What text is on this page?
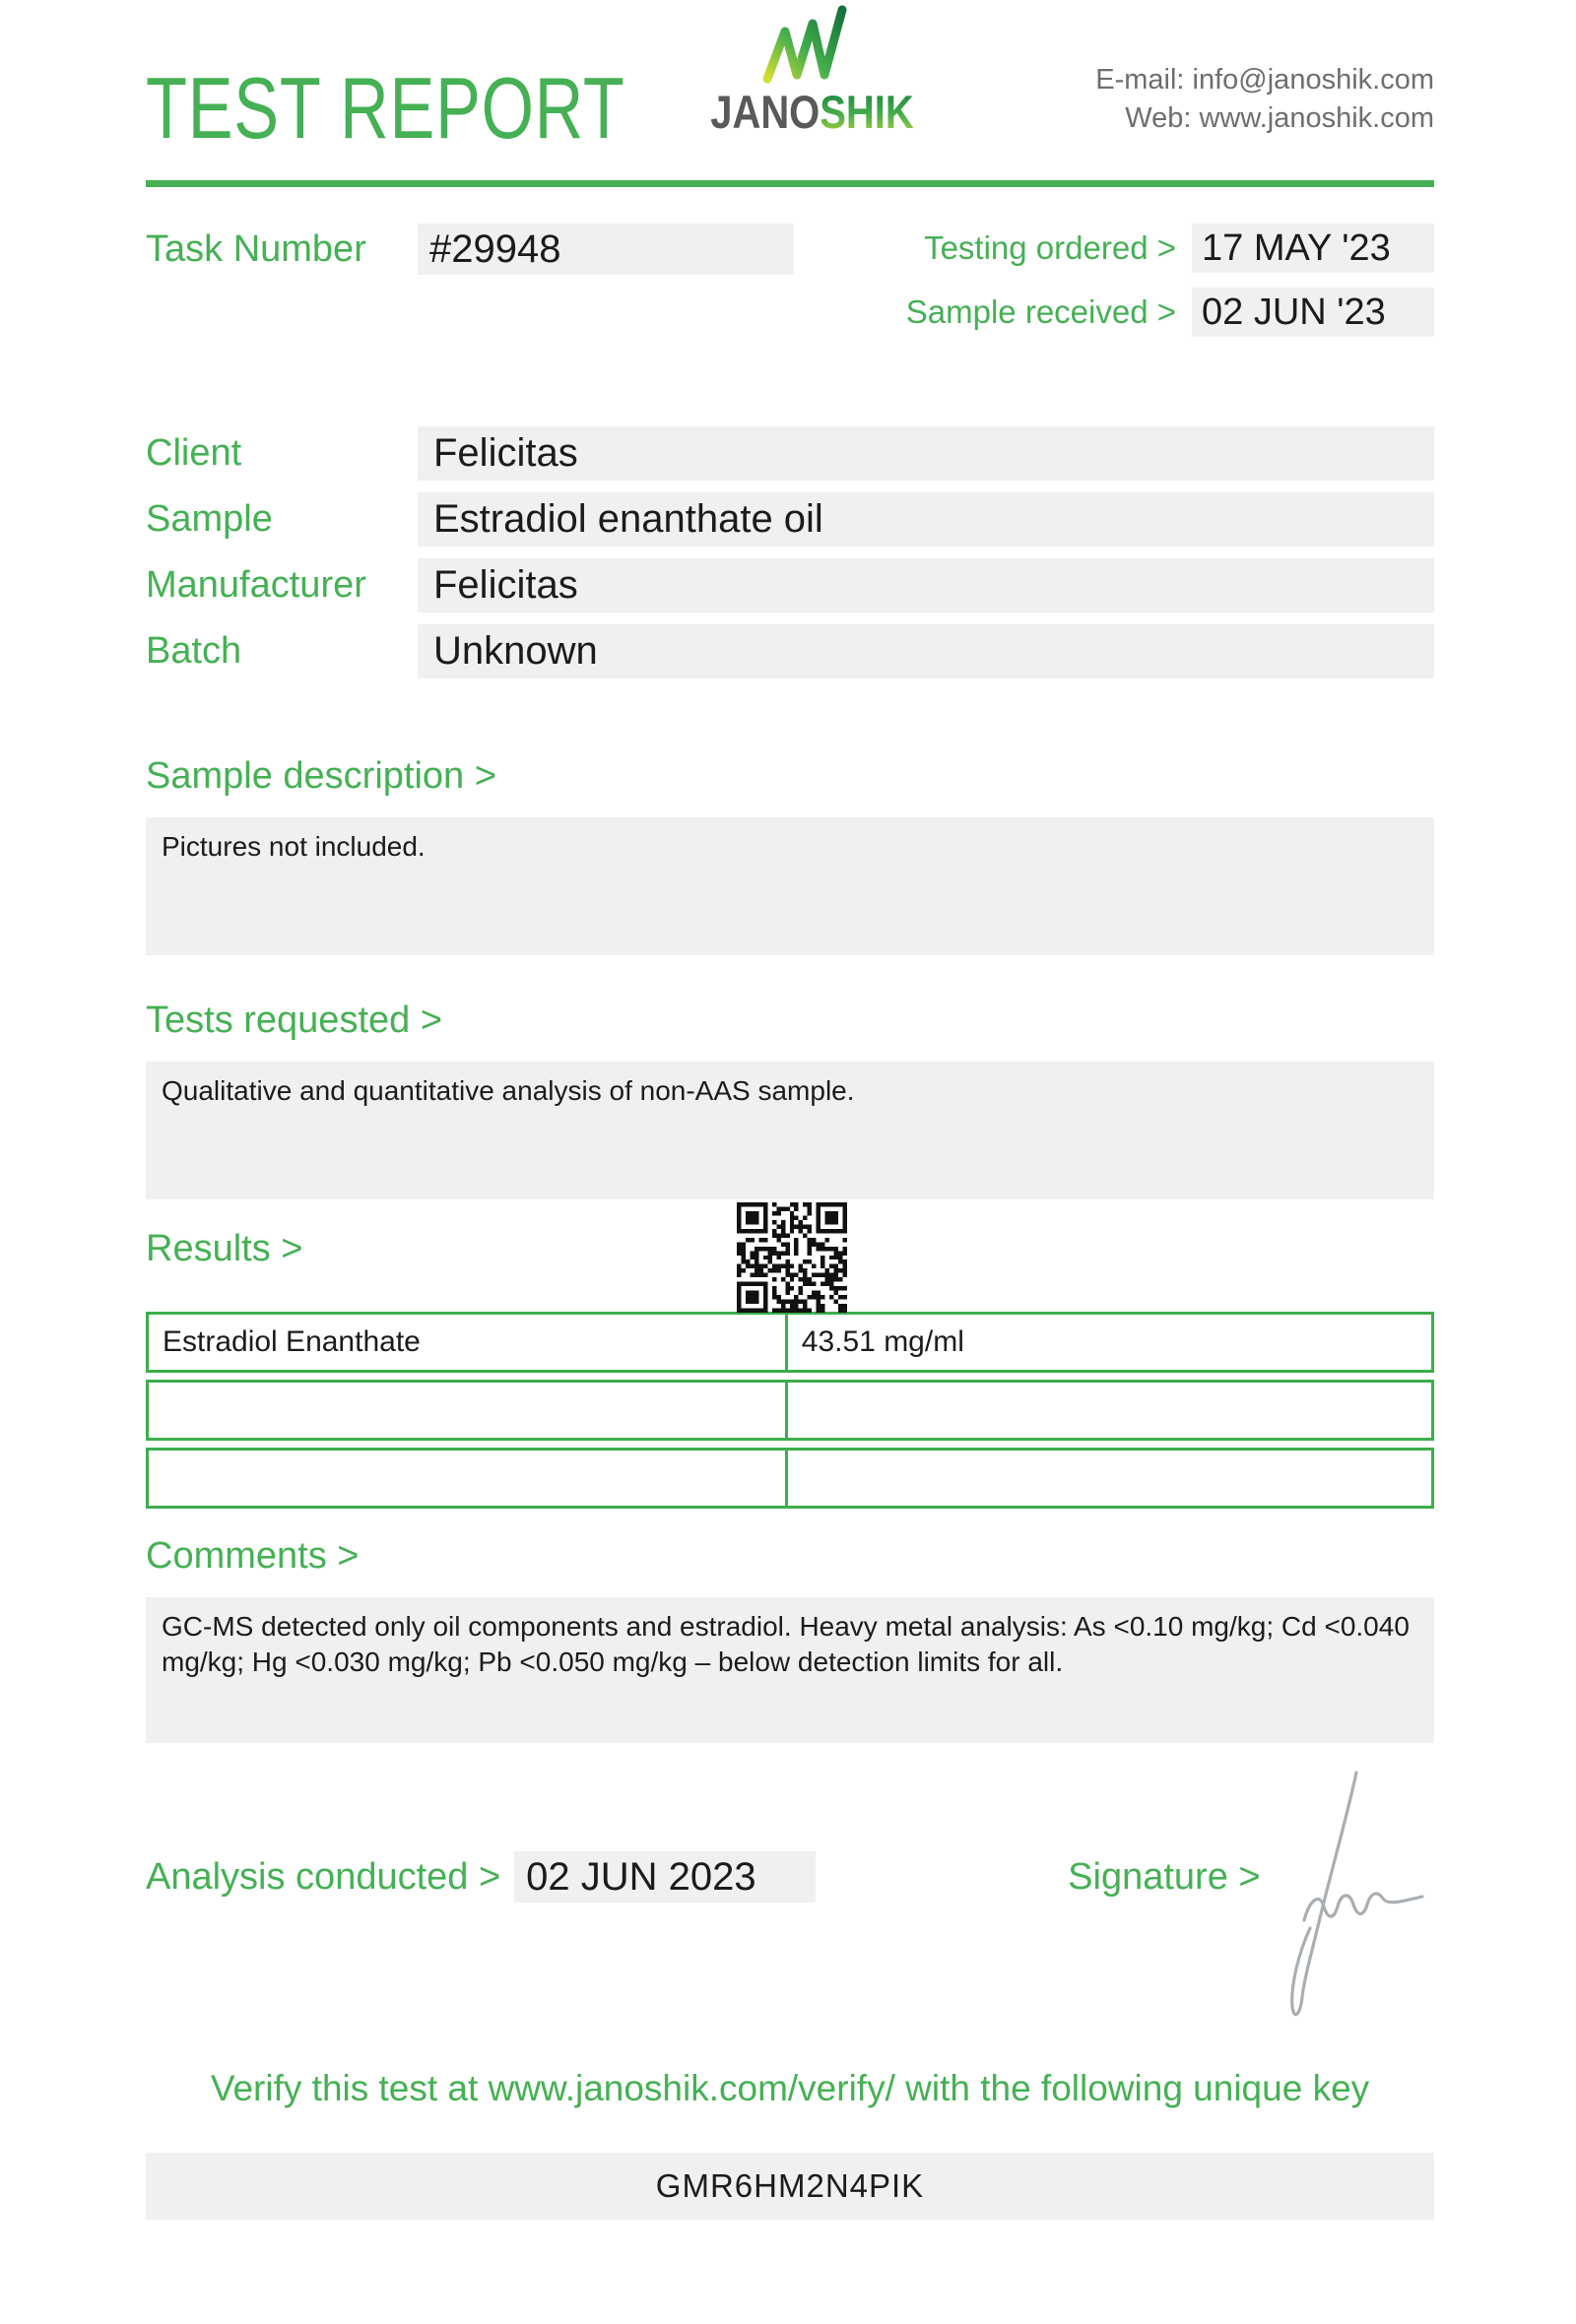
TEST REPORT JANOSHIK
E-mail: info@janoshik.com
Web: www.janoshik.com
Task Number	#29948	Testing ordered > 17 MAY '23
Sample received > 02 JUN '23
Client	Felicitas
Sample	Estradiol enanthate oil
Manufacturer	Felicitas
Batch	Unknown
Sample description >
Pictures not included.
Tests requested >
Qualitative and quantitative analysis of non-AAS sample.
Results >
Estradiol Enanthate	43.51 mg/ml
Comments >
GC-MS detected only oil components and estradiol. Heavy metal analysis: As <0.10 mg/kg; Cd <0.040 mg/kg; Hg <0.030 mg/kg; Pb <0.050 mg/kg – below detection limits for all.
Analysis conducted > 02 JUN 2023	Signature >
Verify this test at www.janoshik.com/verify/ with the following unique key
GMR6HM2N4PIK
